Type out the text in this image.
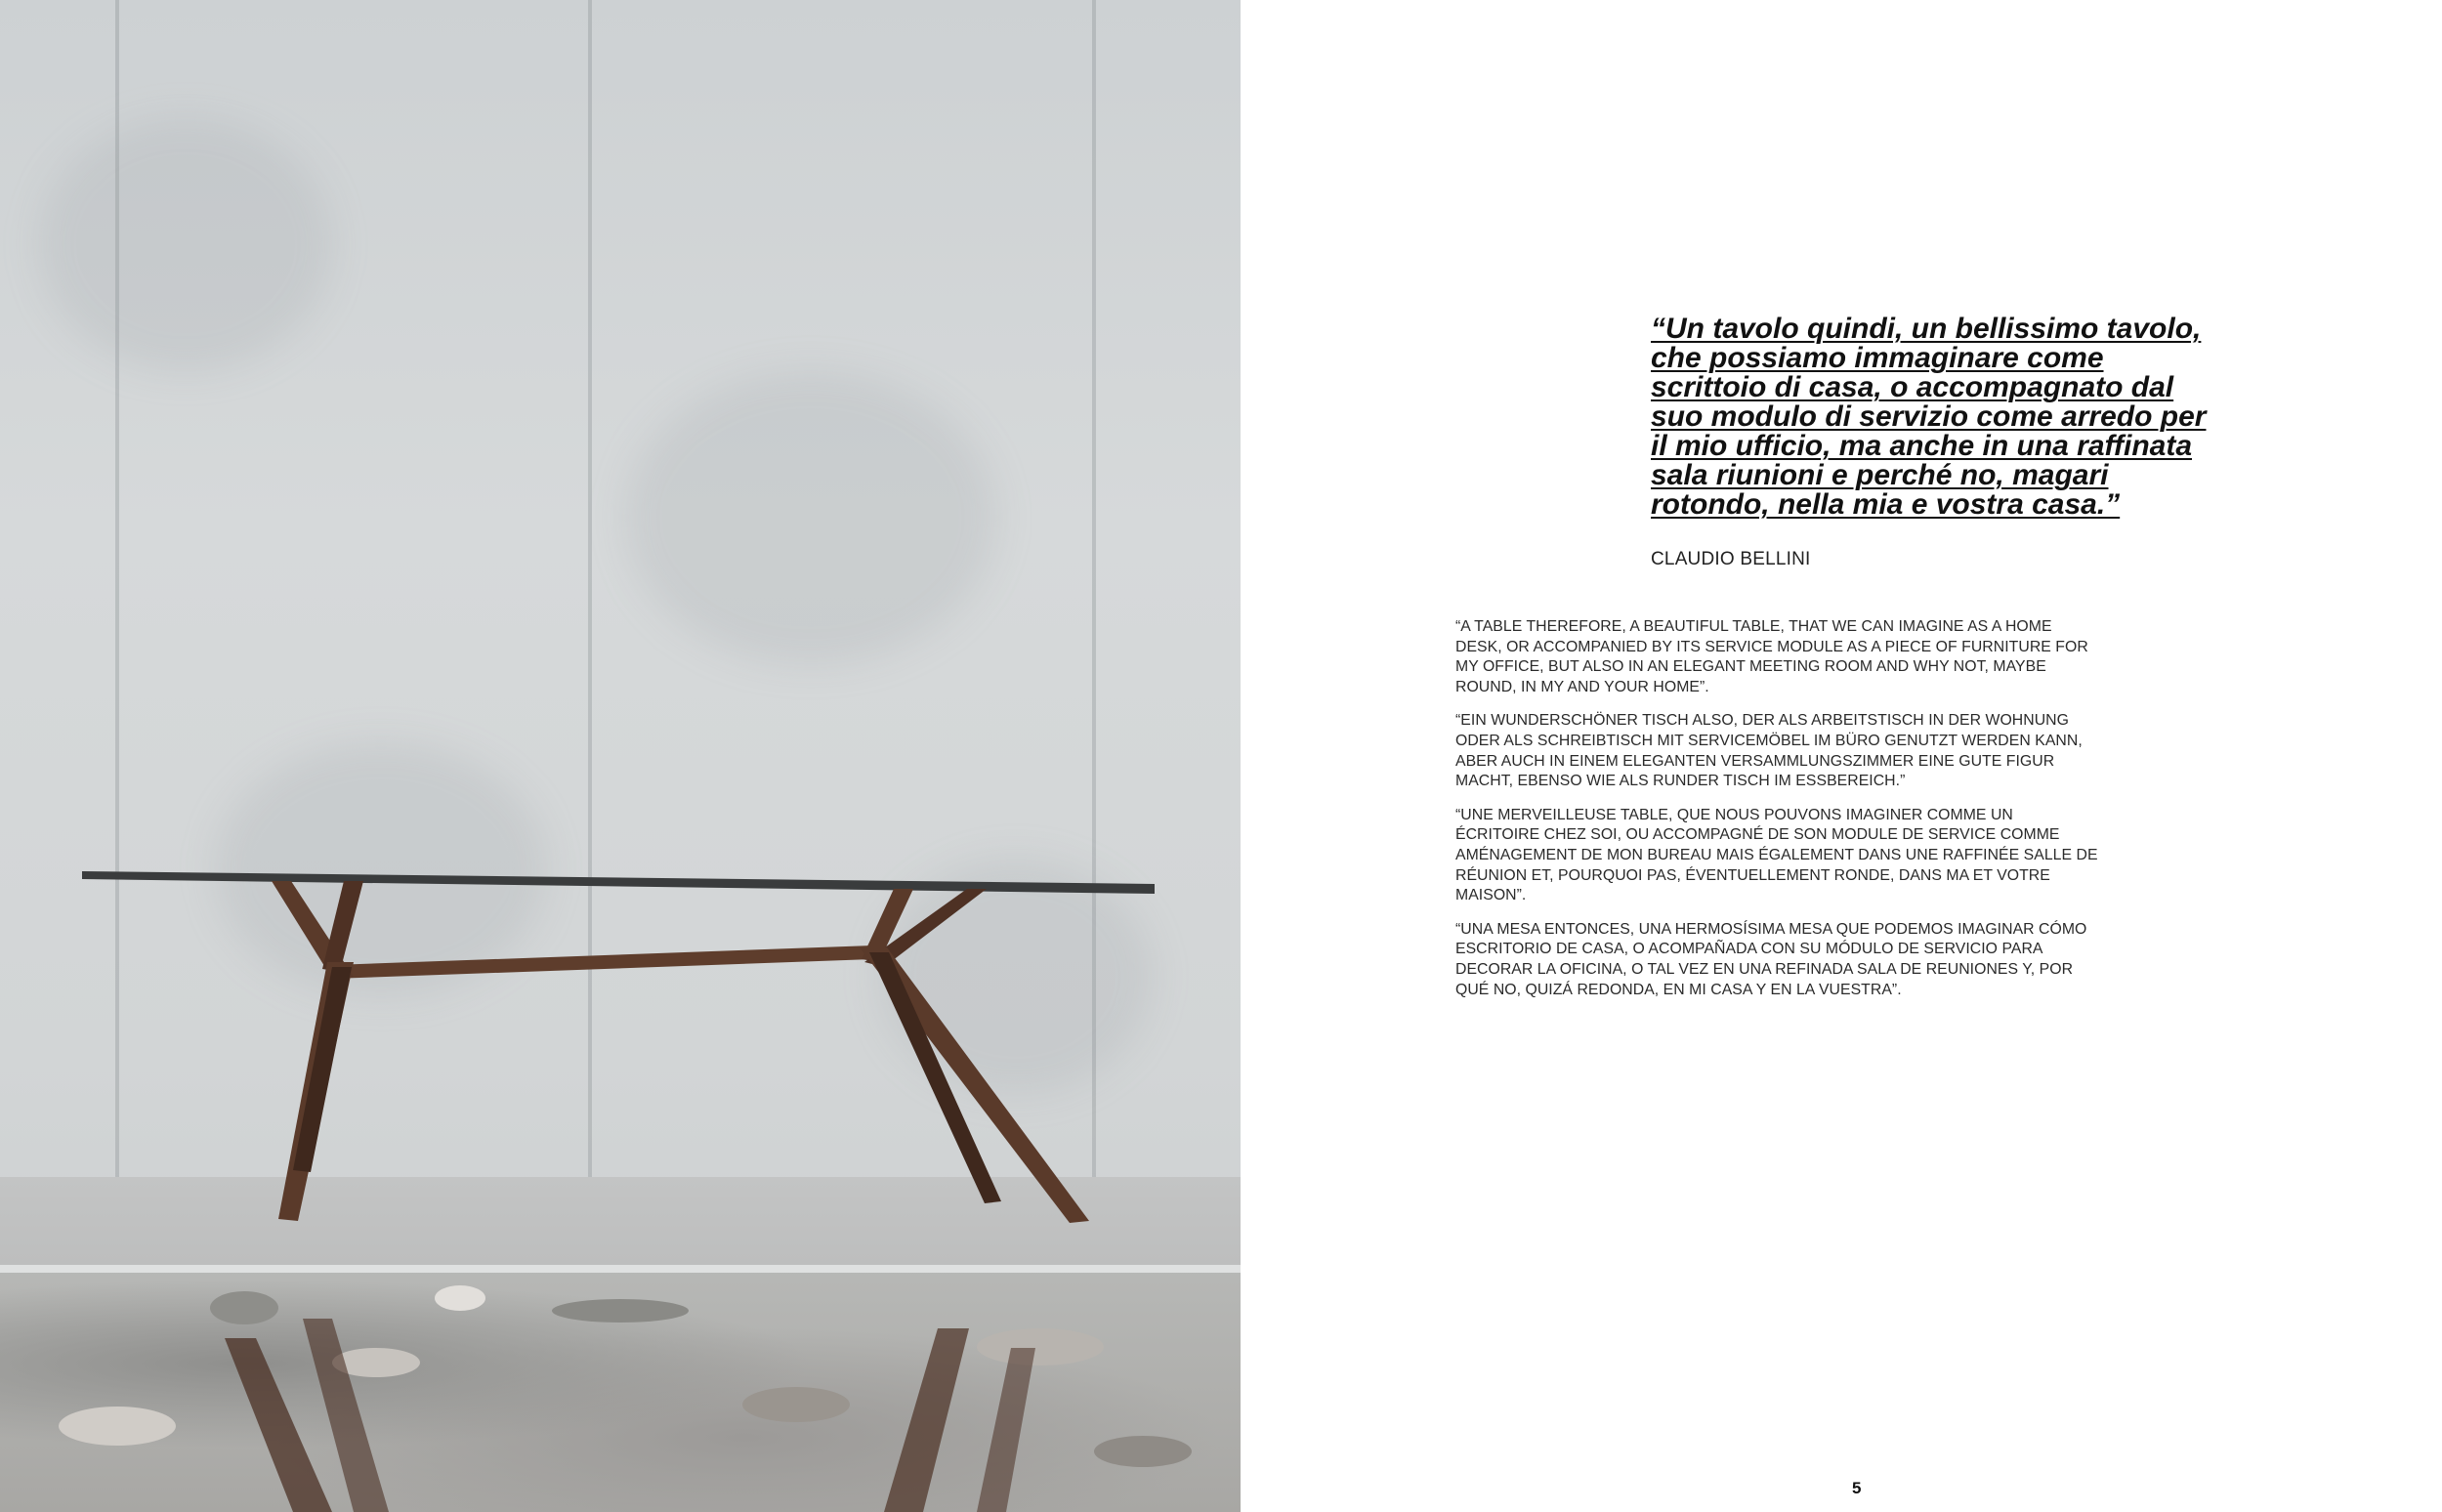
“Un tavolo quindi, un bellissimo tavolo,
che possiamo immaginare come
scrittoio di casa, o accompagnato dal
suo modulo di servizio come arredo per
il mio ufficio, ma anche in una raffinata
sala riunioni e perché no, magari
rotondo, nella mia e vostra casa.”

CLAUDIO BELLINI

“A TABLE THEREFORE, A BEAUTIFUL TABLE, THAT WE CAN IMAGINE AS A HOME DESK, OR ACCOMPANIED BY ITS SERVICE MODULE AS A PIECE OF FURNITURE FOR MY OFFICE, BUT ALSO IN AN ELEGANT MEETING ROOM AND WHY NOT, MAYBE ROUND, IN MY AND YOUR HOME”.

“EIN WUNDERSCHÖNER TISCH ALSO, DER ALS ARBEITSTISCH IN DER WOHNUNG ODER ALS SCHREIBTISCH MIT SERVICEMÖBEL IM BÜRO GENUTZT WERDEN KANN, ABER AUCH IN EINEM ELEGANTEN VERSAMMLUNGSZIMMER EINE GUTE FIGUR MACHT, EBENSO WIE ALS RUNDER TISCH IM ESSBEREICH.”

“UNE MERVEILLEUSE TABLE, QUE NOUS POUVONS IMAGINER COMME UN ÉCRITOIRE CHEZ SOI, OU ACCOMPAGNÉ DE SON MODULE DE SERVICE COMME AMÉNAGEMENT DE MON BUREAU MAIS ÉGALEMENT DANS UNE RAFFINÉE SALLE DE RÉUNION ET, POURQUOI PAS, ÉVENTUELLEMENT RONDE, DANS MA ET VOTRE MAISON”.

“UNA MESA ENTONCES, UNA HERMOSÍSIMA MESA QUE PODEMOS IMAGINAR CÓMO ESCRITORIO DE CASA, O ACOMPAÑADA CON SU MÓDULO DE SERVICIO PARA DECORAR LA OFICINA, O TAL VEZ EN UNA REFINADA SALA DE REUNIONES Y, POR QUÉ NO, QUIZÁ REDONDA, EN MI CASA Y EN LA VUESTRA”.

5
